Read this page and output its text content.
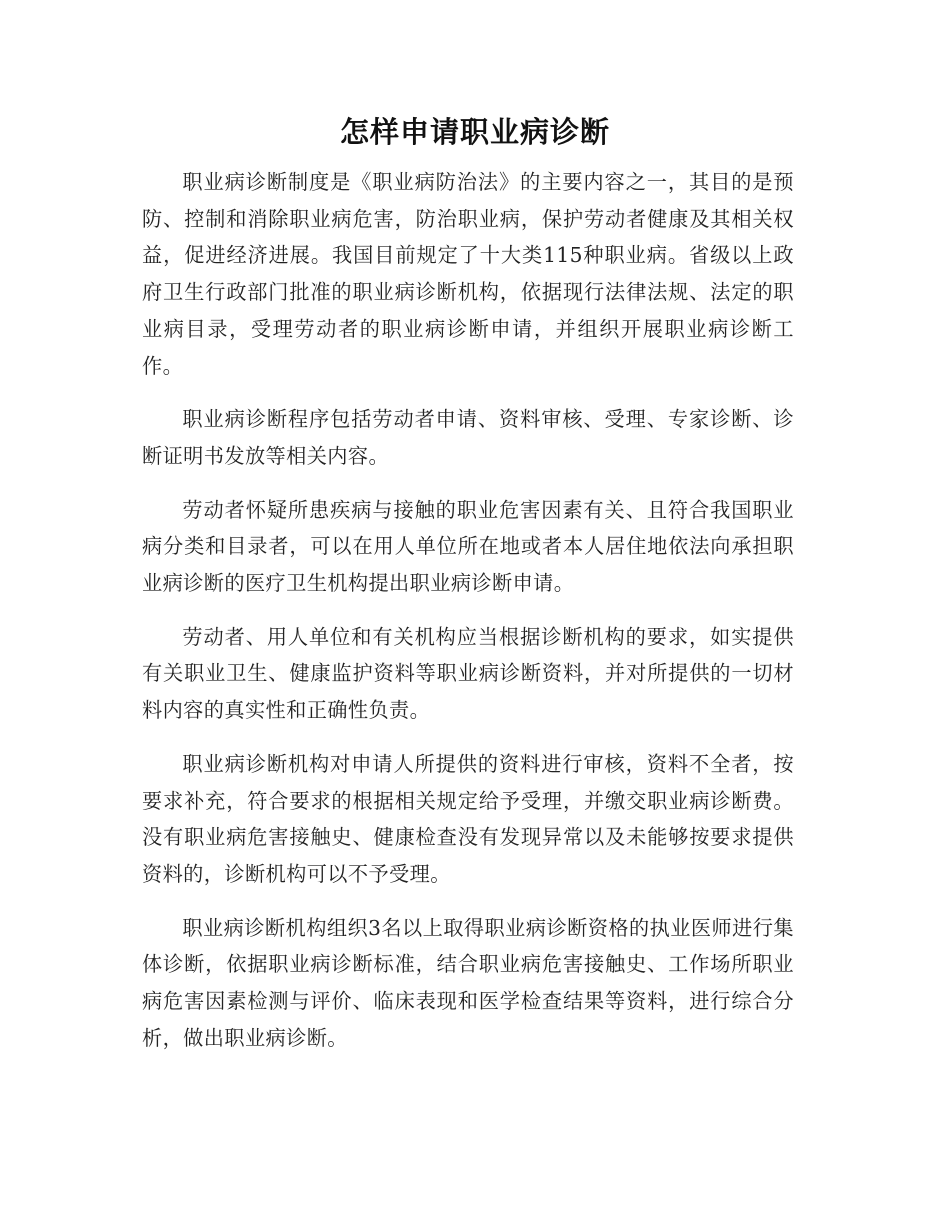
怎样申请职业病诊断

职业病诊断制度是《职业病防治法》的主要内容之一，其目的是预防、控制和消除职业病危害，防治职业病，保护劳动者健康及其相关权益，促进经济进展。我国目前规定了十大类115种职业病。省级以上政府卫生行政部门批准的职业病诊断机构，依据现行法律法规、法定的职业病目录，受理劳动者的职业病诊断申请，并组织开展职业病诊断工作。

职业病诊断程序包括劳动者申请、资料审核、受理、专家诊断、诊断证明书发放等相关内容。

劳动者怀疑所患疾病与接触的职业危害因素有关、且符合我国职业病分类和目录者，可以在用人单位所在地或者本人居住地依法向承担职业病诊断的医疗卫生机构提出职业病诊断申请。

劳动者、用人单位和有关机构应当根据诊断机构的要求，如实提供有关职业卫生、健康监护资料等职业病诊断资料，并对所提供的一切材料内容的真实性和正确性负责。

职业病诊断机构对申请人所提供的资料进行审核，资料不全者，按要求补充，符合要求的根据相关规定给予受理，并缴交职业病诊断费。没有职业病危害接触史、健康检查没有发现异常以及未能够按要求提供资料的，诊断机构可以不予受理。

职业病诊断机构组织3名以上取得职业病诊断资格的执业医师进行集体诊断，依据职业病诊断标准，结合职业病危害接触史、工作场所职业病危害因素检测与评价、临床表现和医学检查结果等资料，进行综合分析，做出职业病诊断。
